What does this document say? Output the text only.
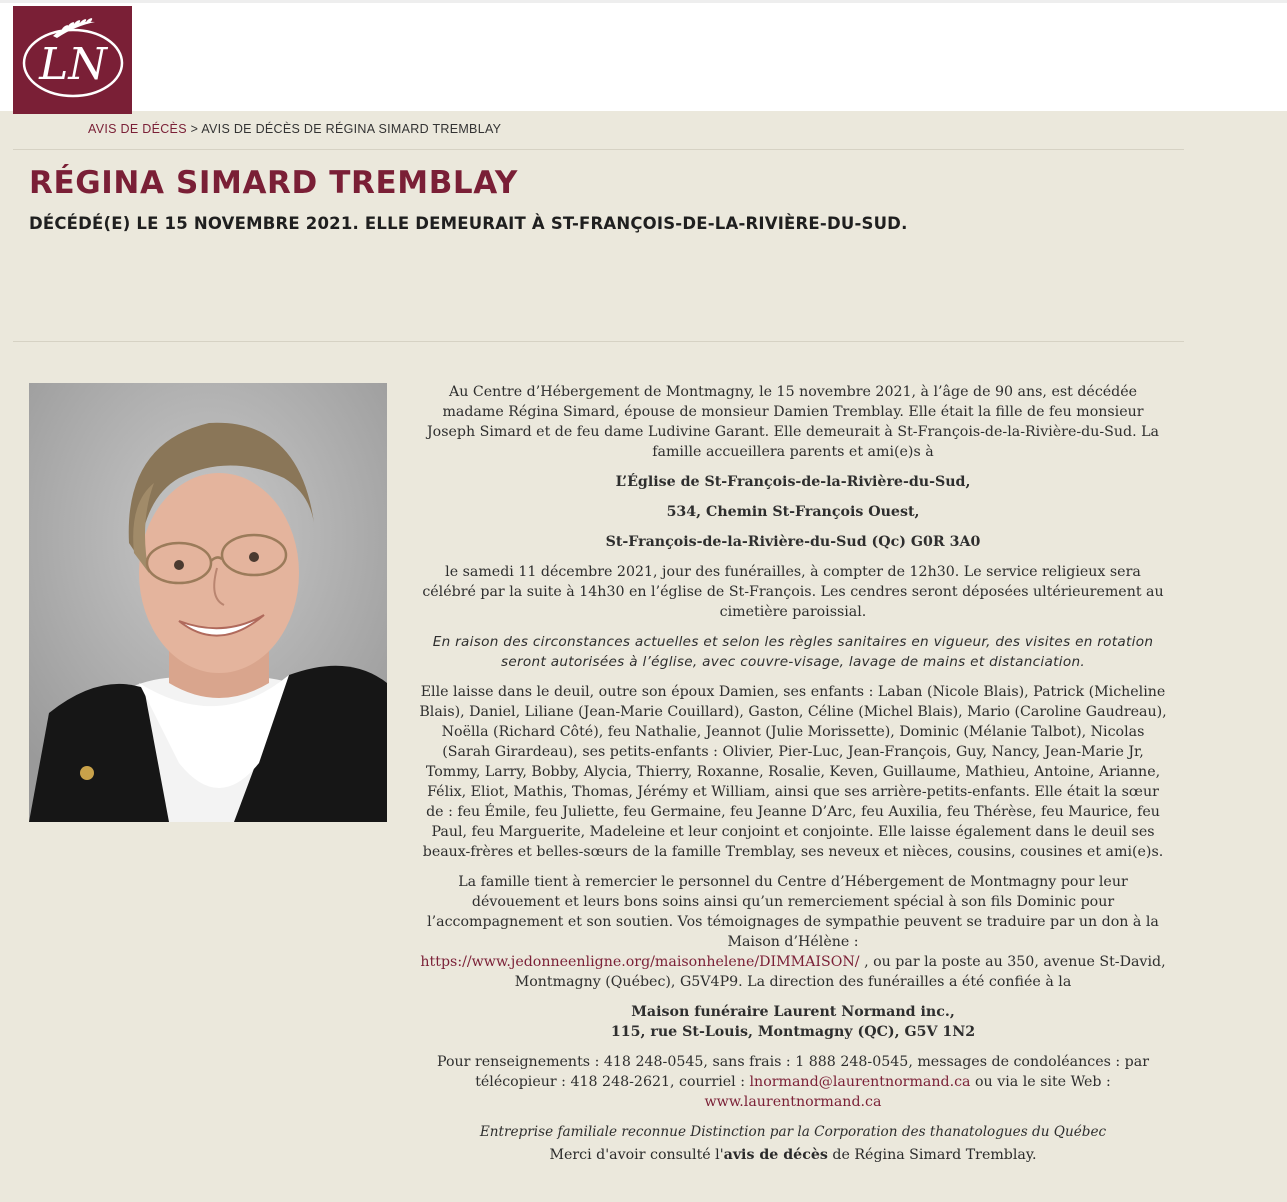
LN
AVIS DE DÉCÈS > AVIS DE DÉCÈS DE RÉGINA SIMARD TREMBLAY
RÉGINA SIMARD TREMBLAY
DÉCÉDÉ(E) LE 15 NOVEMBRE 2021. ELLE DEMEURAIT À ST-FRANÇOIS-DE-LA-RIVIÈRE-DU-SUD.

Au Centre d’Hébergement de Montmagny, le 15 novembre 2021, à l’âge de 90 ans, est décédée madame Régina Simard, épouse de monsieur Damien Tremblay. Elle était la fille de feu monsieur Joseph Simard et de feu dame Ludivine Garant. Elle demeurait à St-François-de-la-Rivière-du-Sud. La famille accueillera parents et ami(e)s à

L’Église de St-François-de-la-Rivière-du-Sud,

534, Chemin St-François Ouest,

St-François-de-la-Rivière-du-Sud (Qc) G0R 3A0

le samedi 11 décembre 2021, jour des funérailles, à compter de 12h30. Le service religieux sera célébré par la suite à 14h30 en l’église de St-François. Les cendres seront déposées ultérieurement au cimetière paroissial.

En raison des circonstances actuelles et selon les règles sanitaires en vigueur, des visites en rotation seront autorisées à l’église, avec couvre-visage, lavage de mains et distanciation.

Elle laisse dans le deuil, outre son époux Damien, ses enfants : Laban (Nicole Blais), Patrick (Micheline Blais), Daniel, Liliane (Jean-Marie Couillard), Gaston, Céline (Michel Blais), Mario (Caroline Gaudreau), Noëlla (Richard Côté), feu Nathalie, Jeannot (Julie Morissette), Dominic (Mélanie Talbot), Nicolas (Sarah Girardeau), ses petits-enfants : Olivier, Pier-Luc, Jean-François, Guy, Nancy, Jean-Marie Jr, Tommy, Larry, Bobby, Alycia, Thierry, Roxanne, Rosalie, Keven, Guillaume, Mathieu, Antoine, Arianne, Félix, Eliot, Mathis, Thomas, Jérémy et William, ainsi que ses arrière-petits-enfants. Elle était la sœur de : feu Émile, feu Juliette, feu Germaine, feu Jeanne D’Arc, feu Auxilia, feu Thérèse, feu Maurice, feu Paul, feu Marguerite, Madeleine et leur conjoint et conjointe. Elle laisse également dans le deuil ses beaux-frères et belles-sœurs de la famille Tremblay, ses neveux et nièces, cousins, cousines et ami(e)s.

La famille tient à remercier le personnel du Centre d’Hébergement de Montmagny pour leur dévouement et leurs bons soins ainsi qu’un remerciement spécial à son fils Dominic pour l’accompagnement et son soutien. Vos témoignages de sympathie peuvent se traduire par un don à la Maison d’Hélène :
https://www.jedonneenligne.org/maisonhelene/DIMMAISON/ , ou par la poste au 350, avenue St-David, Montmagny (Québec), G5V4P9. La direction des funérailles a été confiée à la

Maison funéraire Laurent Normand inc.,
115, rue St-Louis, Montmagny (QC), G5V 1N2

Pour renseignements : 418 248-0545, sans frais : 1 888 248-0545, messages de condoléances : par télécopieur : 418 248-2621, courriel : lnormand@laurentnormand.ca ou via le site Web :
www.laurentnormand.ca

Entreprise familiale reconnue Distinction par la Corporation des thanatologues du Québec

Merci d'avoir consulté l'avis de décès de Régina Simard Tremblay.
